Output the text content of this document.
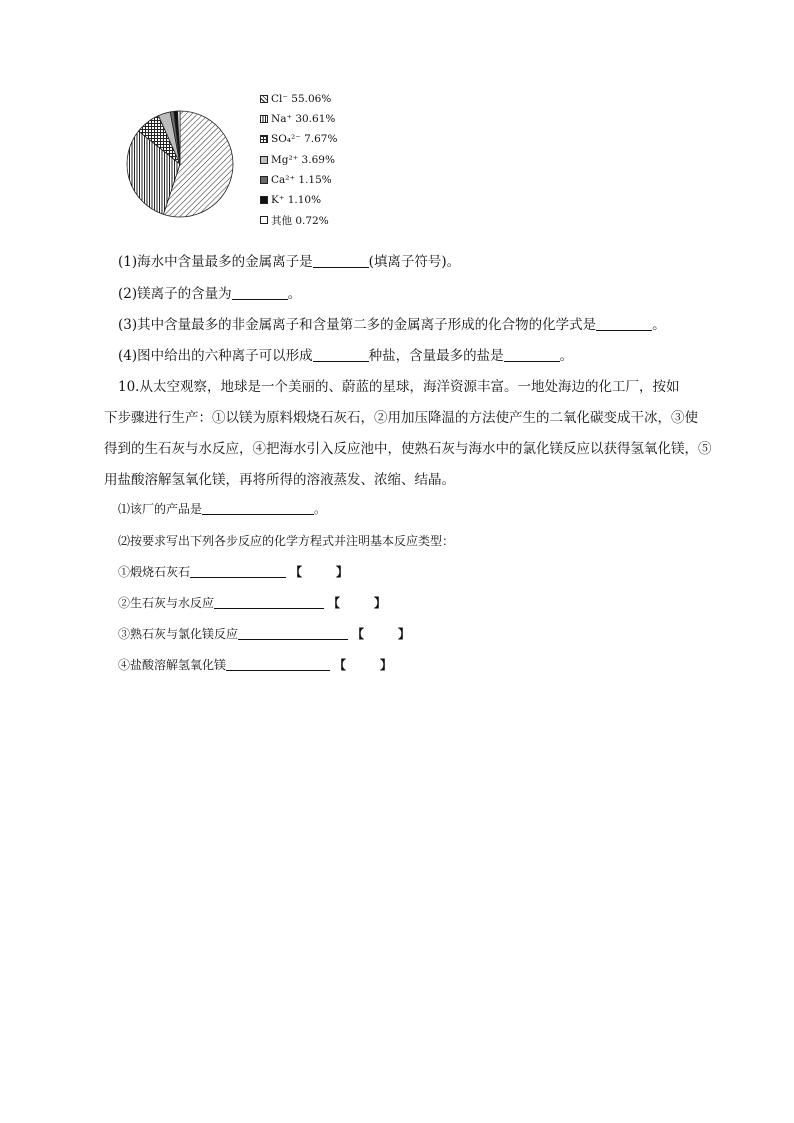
Cl⁻ 55.06%
Na⁺ 30.61%
SO₄²⁻ 7.67%
Mg²⁺ 3.69%
Ca²⁺ 1.15%
K⁺ 1.10%
其他 0.72%
(1)海水中含量最多的金属离子是	(填离子符号)。
(2)镁离子的含量为	。
(3)其中含量最多的非金属离子和含量第二多的金属离子形成的化合物的化学式是	。
(4)图中给出的六种离子可以形成	种盐，含量最多的盐是	。
10.从太空观察，地球是一个美丽的、蔚蓝的星球，海洋资源丰富。一地处海边的化工厂，按如
下步骤进行生产：①以镁为原料煅烧石灰石，②用加压降温的方法使产生的二氧化碳变成干冰，③使
得到的生石灰与水反应，④把海水引入反应池中，使熟石灰与海水中的氯化镁反应以获得氢氧化镁，⑤
用盐酸溶解氢氧化镁，再将所得的溶液蒸发、浓缩、结晶。
⑴该厂的产品是	。
⑵按要求写出下列各步反应的化学方程式并注明基本反应类型：
①煅烧石灰石	【	】
②生石灰与水反应	【	】
③熟石灰与氯化镁反应	【	】
④盐酸溶解氢氧化镁	【	】
